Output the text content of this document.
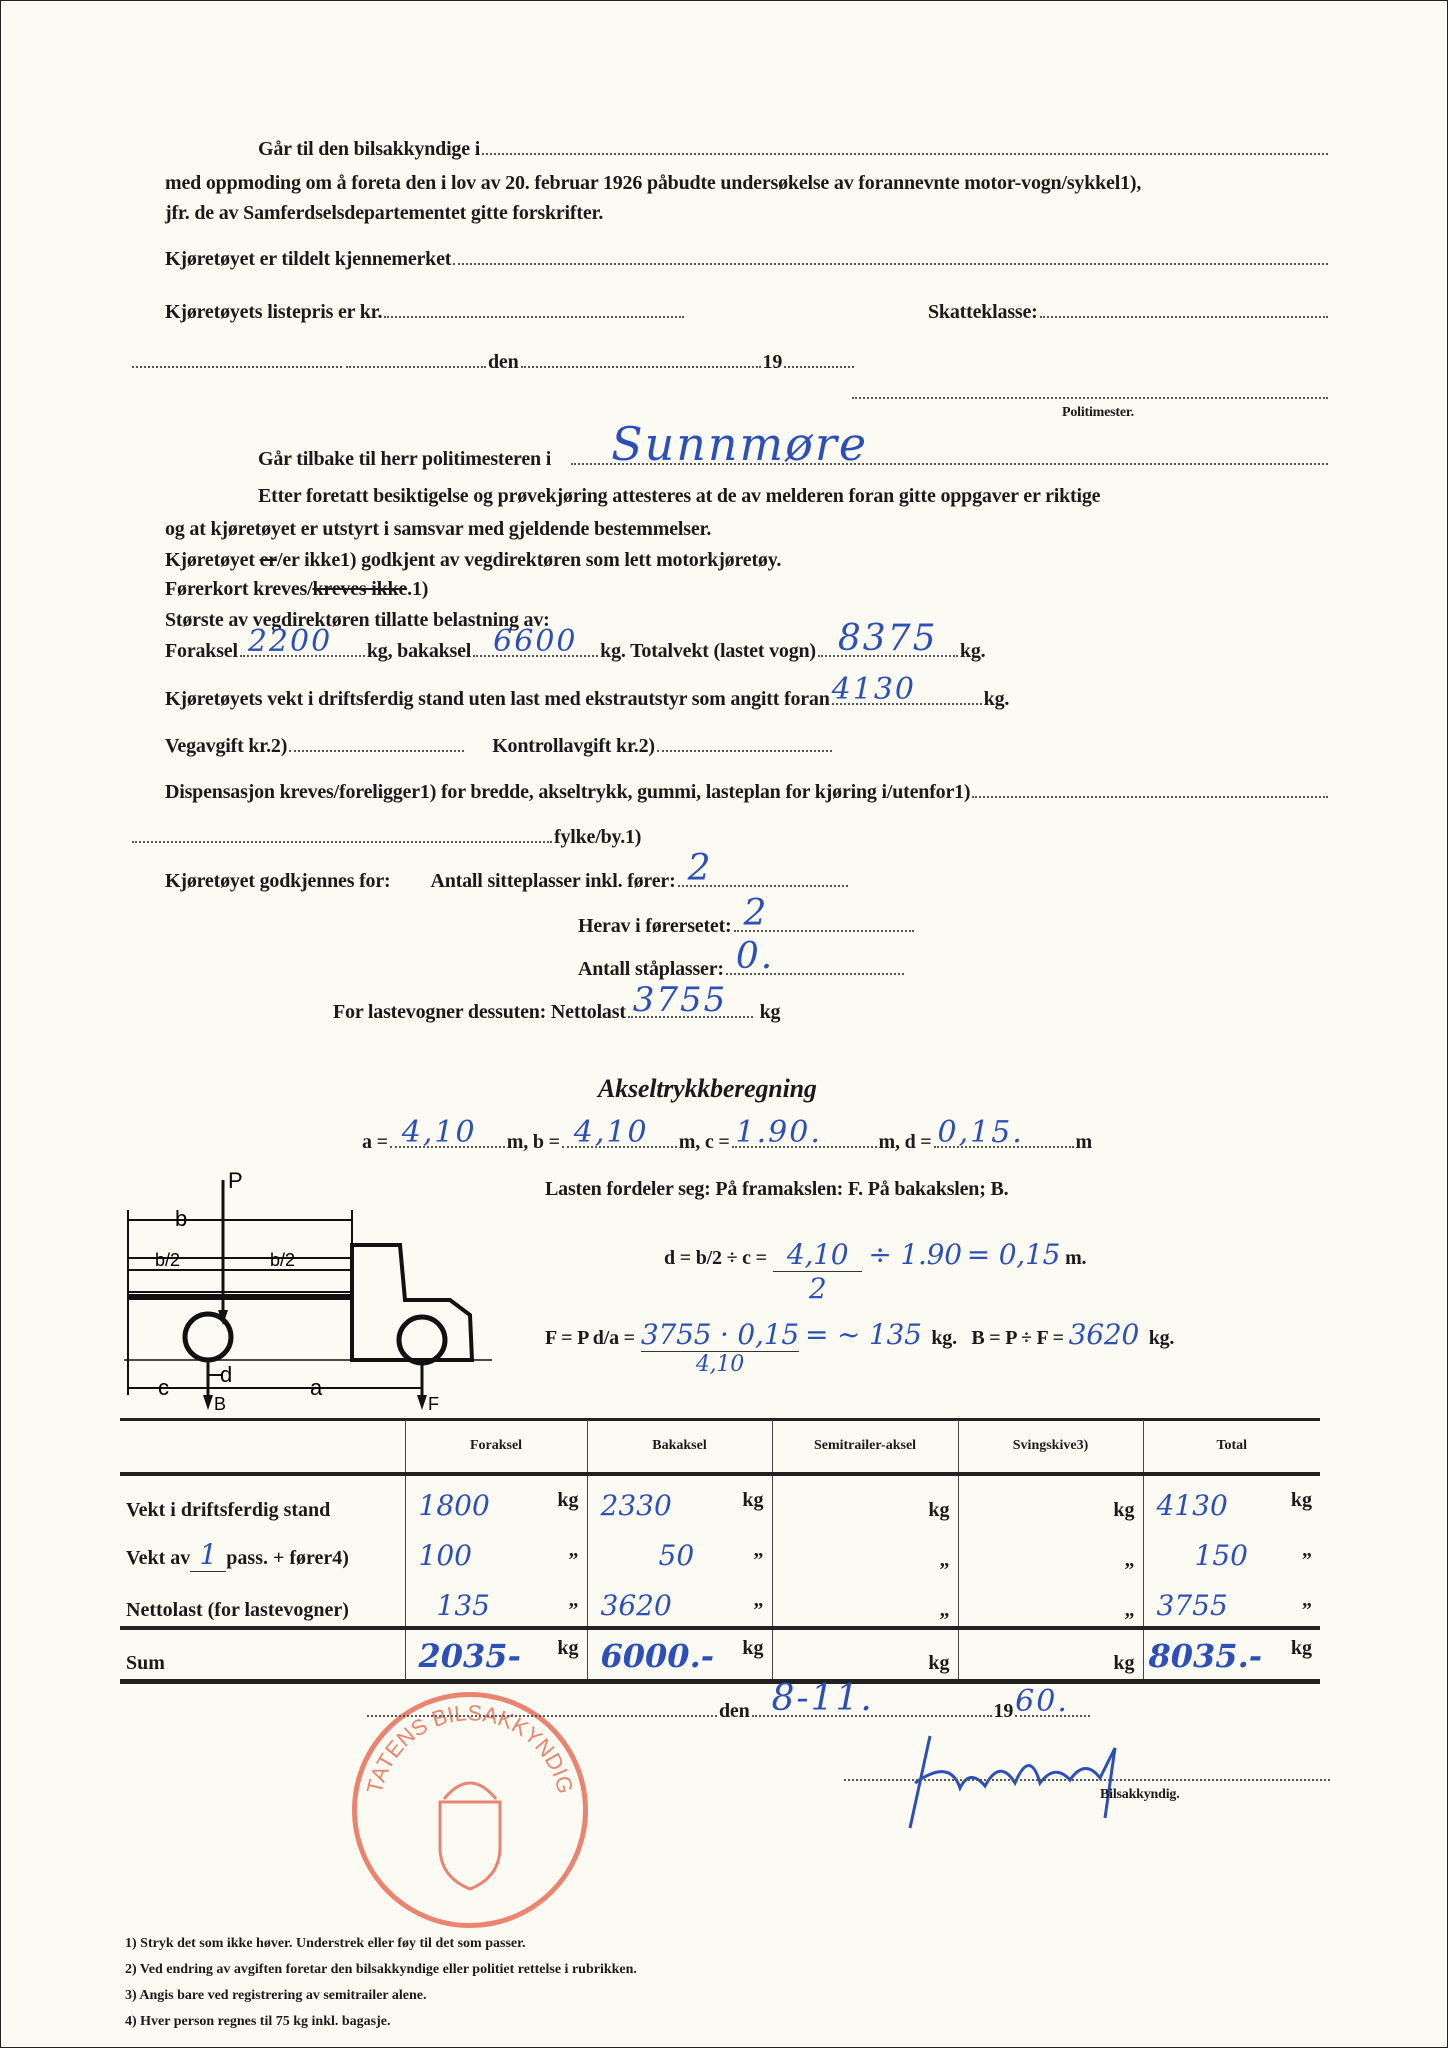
Går til den bilsakkyndige i
med oppmoding om å foreta den i lov av 20. februar 1926 påbudte undersøkelse av forannevnte motor-vogn/sykkel1),
jfr. de av Samferdselsdepartementet gitte forskrifter.
Kjøretøyet er tildelt kjennemerket
Kjøretøyets listepris er kr.	Skatteklasse:
den	19
Politimester.
Går tilbake til herr politimesteren i Sunnmøre
Etter foretatt besiktigelse og prøvekjøring attesteres at de av melderen foran gitte oppgaver er riktige
og at kjøretøyet er utstyrt i samsvar med gjeldende bestemmelser.
Kjøretøyet
er /er ikke1) godkjent av vegdirektøren som lett motorkjøretøy.
Førerkort kreves/ kreves ikke .1)
Største av vegdirektøren tillatte belastning av:
Foraksel 2200 kg, bakaksel 6600 kg. Totalvekt (lastet vogn) 8375 kg.
Kjøretøyets vekt i driftsferdig stand uten last med ekstrautstyr som angitt foran 4130	kg.
Vegavgift kr.2)	Kontrollavgift kr.2)
Dispensasjon kreves/foreligger1) for bredde, akseltrykk, gummi, lasteplan for kjøring i/utenfor1)
fylke/by.1)
Kjøretøyet godkjennes for: Antall sitteplasser inkl. fører: 2
Herav i førersetet: 2
Antall ståplasser: 0.
For lastevogner dessuten: Nettolast 3755
kg
Akseltrykkberegning
a = 4,10 m, b = 4,10 m, c = 1.90.	m, d = 0,15.	m
Lasten fordeler seg: På framakslen: F. På bakakslen; B.
$d = b/2 \div c = \frac{4,10}{2} \div 1.90$
= 0,15
m.
F = P d/a = 3755 · 0,15
4,10
= ~ 135
kg.
B = P ÷ F =
3620
kg.
P
b
b/2	b/2
d
c	a
B	F
	Foraksel	Bakaksel	Semitrailer-aksel	Svingskive3)	Total
Vekt i driftsferdig stand	1800 kg	2330 kg	kg	kg	4130 kg
Vekt av 1 pass. + fører4)	100 „	50 „	„	„	150 „
Nettolast (for lastevogner)	135 „	3620 „	„	„	3755 „
Sum	2035- kg	6000.- kg	kg	kg	8035.- kg
TATENS BILSAKKYNDIG
den 8-11.	19 60.
Bilsakkyndig.
1) Stryk det som ikke høver. Understrek eller føy til det som passer.
2) Ved endring av avgiften foretar den bilsakkyndige eller politiet rettelse i rubrikken.
3) Angis bare ved registrering av semitrailer alene.
4) Hver person regnes til 75 kg inkl. bagasje.
